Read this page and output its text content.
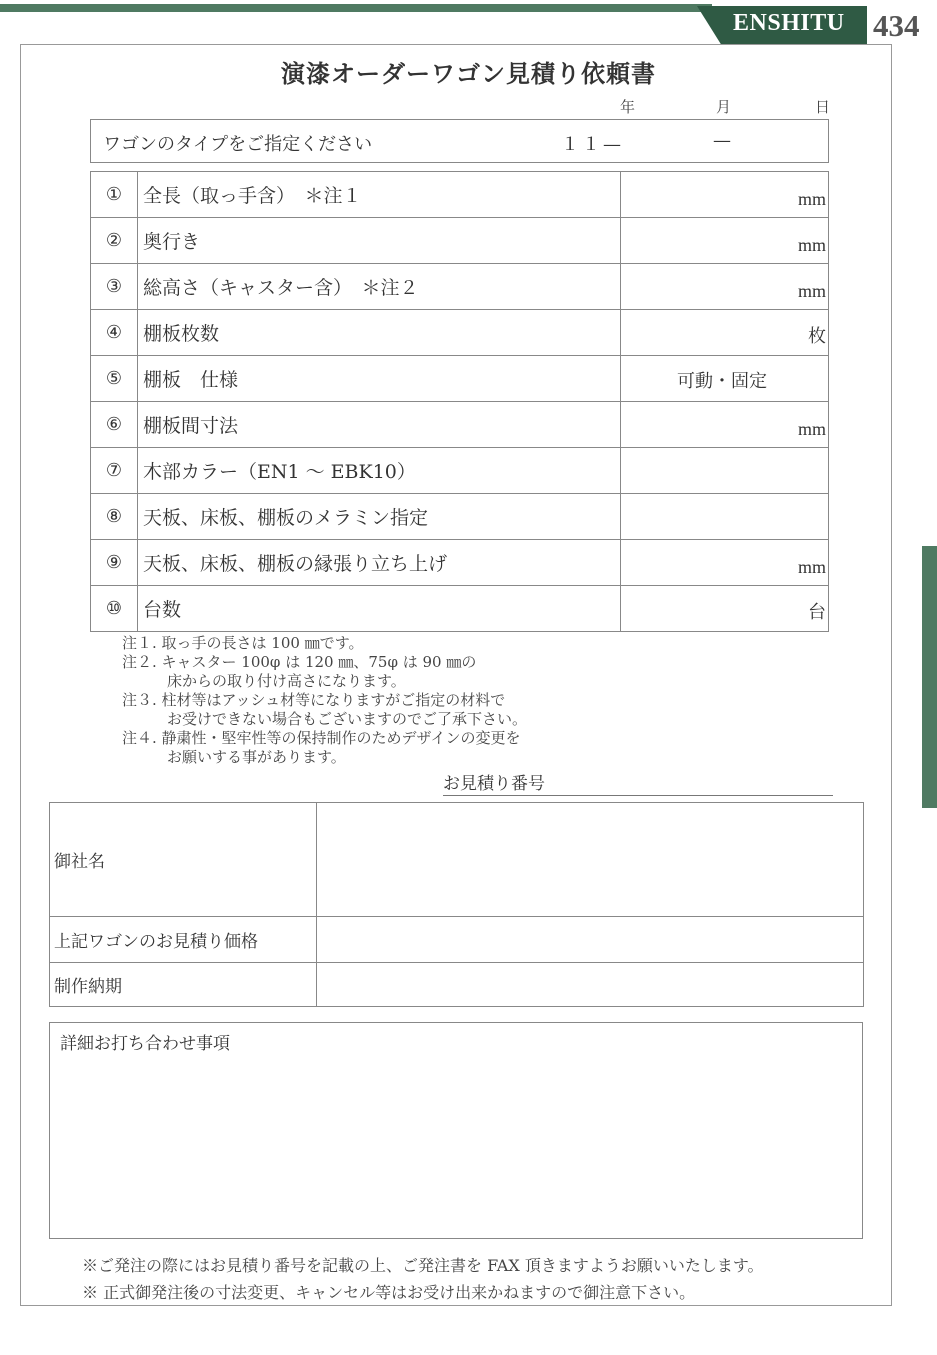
ENSHITU 434
演漆オーダーワゴン見積り依頼書
年	月	日
ワゴンのタイプをご指定ください	１１—	—
①	全長（取っ手含）　＊注１	mm

②	奥行き	mm

③	総高さ（キャスター含）　＊注２	mm

④	棚板枚数	枚

⑤	棚板　仕様	可動・固定

⑥	棚板間寸法	mm

⑦	木部カラー（EN1 ～ EBK10）	

⑧	天板、床板、棚板のメラミン指定	

⑨	天板、床板、棚板の縁張り立ち上げ	mm

⑩	台数	台
注１. 取っ手の長さは 100 ㎜です。
注２. キャスター 100φ は 120 ㎜、75φ は 90 ㎜の
　　　床からの取り付け高さになります。
注３. 柱材等はアッシュ材等になりますがご指定の材料で
　　　お受けできない場合もございますのでご了承下さい。
注４. 静粛性・堅牢性等の保持制作のためデザインの変更を
　　　お願いする事があります。
お見積り番号
御社名	
上記ワゴンのお見積り価格	
制作納期	
詳細お打ち合わせ事項
※ご発注の際にはお見積り番号を記載の上、ご発注書を FAX 頂きますようお願いいたします。
※ 正式御発注後の寸法変更、キャンセル等はお受け出来かねますので御注意下さい。
